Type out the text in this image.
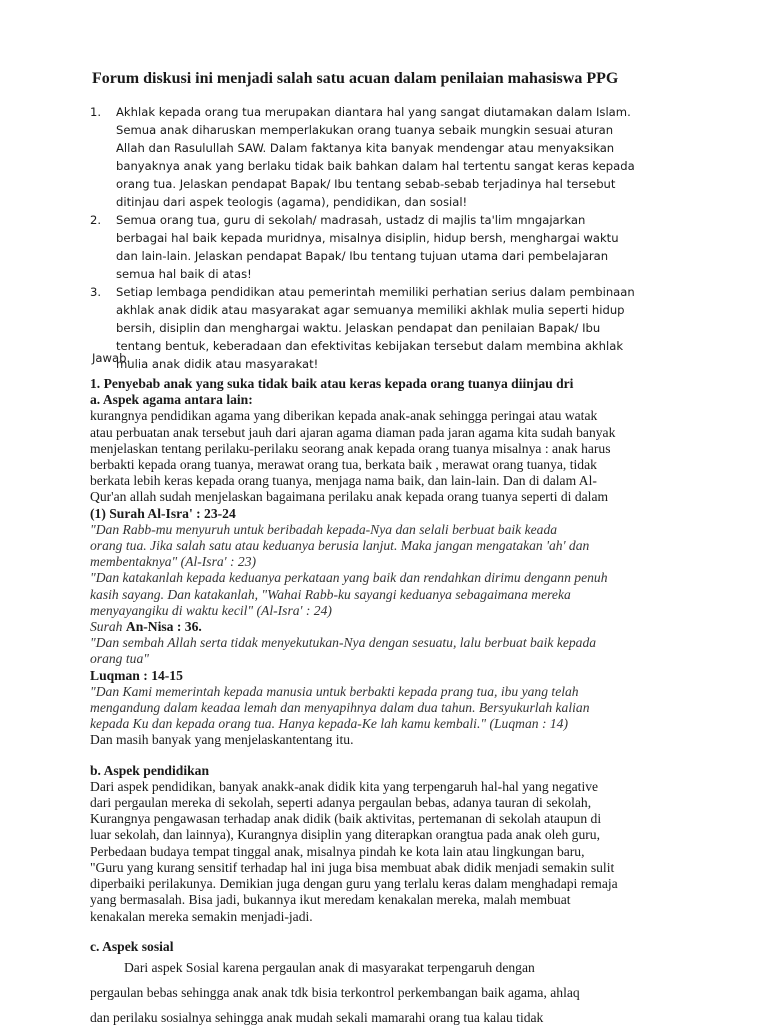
Forum diskusi ini menjadi salah satu acuan dalam penilaian mahasiswa PPG
1. Akhlak kepada orang tua merupakan diantara hal yang sangat diutamakan dalam Islam.
Semua anak diharuskan memperlakukan orang tuanya sebaik mungkin sesuai aturan
Allah dan Rasulullah SAW. Dalam faktanya kita banyak mendengar atau menyaksikan
banyaknya anak yang berlaku tidak baik bahkan dalam hal tertentu sangat keras kepada
orang tua. Jelaskan pendapat Bapak/ Ibu tentang sebab-sebab terjadinya hal tersebut
ditinjau dari aspek teologis (agama), pendidikan, dan sosial!
2. Semua orang tua, guru di sekolah/ madrasah, ustadz di majlis ta'lim mngajarkan
berbagai hal baik kepada muridnya, misalnya disiplin, hidup bersh, menghargai waktu
dan lain-lain. Jelaskan pendapat Bapak/ Ibu tentang tujuan utama dari pembelajaran
semua hal baik di atas!
3. Setiap lembaga pendidikan atau pemerintah memiliki perhatian serius dalam pembinaan
akhlak anak didik atau masyarakat agar semuanya memiliki akhlak mulia seperti hidup
bersih, disiplin dan menghargai waktu. Jelaskan pendapat dan penilaian Bapak/ Ibu
tentang bentuk, keberadaan dan efektivitas kebijakan tersebut dalam membina akhlak
mulia anak didik atau masyarakat!
Jawab.
1. Penyebab anak yang suka tidak baik atau keras kepada orang tuanya diinjau dri
a. Aspek agama antara lain:
kurangnya pendidikan agama yang diberikan kepada anak-anak sehingga peringai atau watak
atau perbuatan anak tersebut jauh dari ajaran agama diaman pada jaran agama kita sudah banyak
menjelaskan tentang perilaku-perilaku seorang anak kepada orang tuanya misalnya : anak harus
berbakti kepada orang tuanya, merawat orang tua, berkata baik , merawat orang tuanya, tidak
berkata lebih keras kepada orang tuanya, menjaga nama baik, dan lain-lain. Dan di dalam Al-
Qur'an allah sudah menjelaskan bagaimana perilaku anak kepada orang tuanya seperti di dalam
(1) Surah Al-Isra' : 23-24
"Dan Rabb-mu menyuruh untuk beribadah kepada-Nya dan selali berbuat baik keada
orang tua. Jika salah satu atau keduanya berusia lanjut. Maka jangan mengatakan 'ah' dan
membentaknya" (Al-Isra' : 23)
"Dan katakanlah kepada keduanya perkataan yang baik dan rendahkan dirimu dengann penuh
kasih sayang. Dan katakanlah, "Wahai Rabb-ku sayangi keduanya sebagaimana mereka
menyayangiku di waktu kecil" (Al-Isra' : 24)
Surah An-Nisa : 36.
"Dan sembah Allah serta tidak menyekutukan-Nya dengan sesuatu, lalu berbuat baik kepada
orang tua"
Luqman : 14-15
"Dan Kami memerintah kepada manusia untuk berbakti kepada prang tua, ibu yang telah
mengandung dalam keadaa lemah dan menyapihnya dalam dua tahun. Bersyukurlah kalian
kepada Ku dan kepada orang tua. Hanya kepada-Ke lah kamu kembali." (Luqman : 14)
Dan masih banyak yang menjelaskantentang itu.
b. Aspek pendidikan
Dari aspek pendidikan, banyak anakk-anak didik kita yang terpengaruh hal-hal yang negative
dari pergaulan mereka di sekolah, seperti adanya pergaulan bebas, adanya tauran di sekolah,
Kurangnya pengawasan terhadap anak didik (baik aktivitas, pertemanan di sekolah ataupun di
luar sekolah, dan lainnya), Kurangnya disiplin yang diterapkan orangtua pada anak oleh guru,
Perbedaan budaya tempat tinggal anak, misalnya pindah ke kota lain atau lingkungan baru,
"Guru yang kurang sensitif terhadap hal ini juga bisa membuat abak didik menjadi semakin sulit
diperbaiki perilakunya. Demikian juga dengan guru yang terlalu keras dalam menghadapi remaja
yang bermasalah. Bisa jadi, bukannya ikut meredam kenakalan mereka, malah membuat
kenakalan mereka semakin menjadi-jadi.
c. Aspek sosial
Dari aspek Sosial karena pergaulan anak di masyarakat terpengaruh dengan
pergaulan bebas sehingga anak anak tdk bisia terkontrol perkembangan baik agama, ahlaq
dan perilaku sosialnya sehingga anak mudah sekali mamarahi orang tua kalau tidak
